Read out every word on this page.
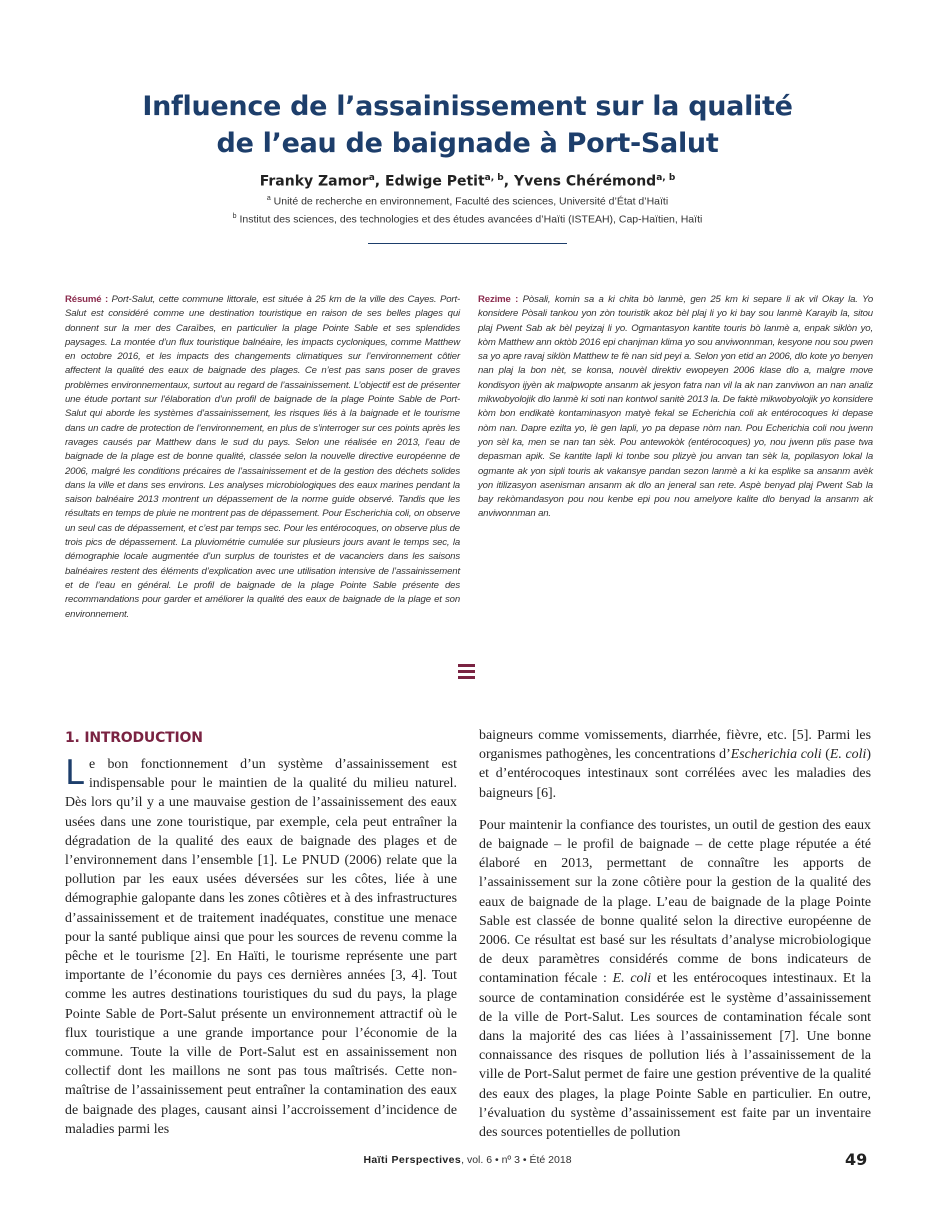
Influence de l’assainissement sur la qualité
de l’eau de baignade à Port-Salut
Franky Zamor$^a$, Edwige Petit$^{a, b}$, Yvens Chérémond$^{a, b}$
$^a$ Unité de recherche en environnement, Faculté des sciences, Université d’État d’Haïti
$^b$ Institut des sciences, des technologies et des études avancées d’Haïti (ISTEAH), Cap-Haïtien, Haïti

Résumé : Port-Salut, cette commune littorale, est située à 25 km de la ville des Cayes. Port-Salut est considéré comme une destination touristique en raison de ses belles plages qui donnent sur la mer des Caraïbes, en particulier la plage Pointe Sable et ses splendides paysages. La montée d’un flux touristique balnéaire, les impacts cycloniques, comme Matthew en octobre 2016, et les impacts des changements climatiques sur l’environnement côtier affectent la qualité des eaux de baignade des plages. Ce n’est pas sans poser de graves problèmes environnementaux, surtout au regard de l’assainissement. L’objectif est de présenter une étude portant sur l’élaboration d’un profil de baignade de la plage Pointe Sable de Port-Salut qui aborde les systèmes d’assainissement, les risques liés à la baignade et le tourisme dans un cadre de protection de l’environnement, en plus de s’interroger sur ces points après les ravages causés par Matthew dans le sud du pays. Selon une réalisée en 2013, l’eau de baignade de la plage est de bonne qualité, classée selon la nouvelle directive européenne de 2006, malgré les conditions précaires de l’assainissement et de la gestion des déchets solides dans la ville et dans ses environs. Les analyses microbiologiques des eaux marines pendant la saison balnéaire 2013 montrent un dépassement de la norme guide observé. Tandis que les résultats en temps de pluie ne montrent pas de dépassement. Pour Escherichia coli, on observe un seul cas de dépassement, et c’est par temps sec. Pour les entérocoques, on observe plus de trois pics de dépassement. La pluviométrie cumulée sur plusieurs jours avant le temps sec, la démographie locale augmentée d’un surplus de touristes et de vacanciers dans les saisons balnéaires restent des éléments d’explication avec une utilisation intensive de l’assainissement et de l’eau en général. Le profil de baignade de la plage Pointe Sable présente des recommandations pour garder et améliorer la qualité des eaux de baignade de la plage et son environnement.

Rezime : Pòsali, komin sa a ki chita bò lanmè, gen 25 km ki separe li ak vil Okay la. Yo konsidere Pòsali tankou yon zòn touristik akoz bèl plaj li yo ki bay sou lanmè Karayib la, sitou plaj Pwent Sab ak bèl peyizaj li yo. Ogmantasyon kantite touris bò lanmè a, enpak siklòn yo, kòm Matthew ann oktòb 2016 epi chanjman klima yo sou anviwonnman, kesyone nou sou pwen sa yo apre ravaj siklòn Matthew te fè nan sid peyi a. Selon yon etid an 2006, dlo kote yo benyen nan plaj la bon nèt, se konsa, nouvèl direktiv ewopeyen 2006 klase dlo a, malgre move kondisyon ijyèn ak malpwopte ansanm ak jesyon fatra nan vil la ak nan zanviwon an nan analiz mikwobyolojik dlo lanmè ki soti nan kontwol sanitè 2013 la. De faktè mikwobyolojik yo konsidere kòm bon endikatè kontaminasyon matyè fekal se Echerichia coli ak entérocoques ki depase nòm nan. Dapre ezilta yo, lè gen lapli, yo pa depase nòm nan. Pou Echerichia coli nou jwenn yon sèl ka, men se nan tan sèk. Pou antewokòk (entérocoques) yo, nou jwenn plis pase twa depasman apik. Se kantite lapli ki tonbe sou plizyè jou anvan tan sèk la, popilasyon lokal la ogmante ak yon sipli touris ak vakansye pandan sezon lanmè a ki ka esplike sa ansanm avèk yon itilizasyon asenisman ansanm ak dlo an jeneral san rete. Aspè benyad plaj Pwent Sab la bay rekòmandasyon pou nou kenbe epi pou nou amelyore kalite dlo benyad la ansanm ak anviwonnman an.

1. INTRODUCTION

Le bon fonctionnement d’un système d’assainissement est indispensable pour le maintien de la qualité du milieu naturel. Dès lors qu’il y a une mauvaise gestion de l’assainissement des eaux usées dans une zone touristique, par exemple, cela peut entraîner la dégradation de la qualité des eaux de baignade des plages et de l’environnement dans l’ensemble [1]. Le PNUD (2006) relate que la pollution par les eaux usées déversées sur les côtes, liée à une démographie galopante dans les zones côtières et à des infrastructures d’assainissement et de traitement inadéquates, constitue une menace pour la santé publique ainsi que pour les sources de revenu comme la pêche et le tourisme [2]. En Haïti, le tourisme représente une part importante de l’économie du pays ces dernières années [3, 4]. Tout comme les autres destinations touristiques du sud du pays, la plage Pointe Sable de Port-Salut présente un environnement attractif où le flux touristique a une grande importance pour l’économie de la commune. Toute la ville de Port-Salut est en assainissement non collectif dont les maillons ne sont pas tous maîtrisés. Cette non-maîtrise de l’assainissement peut entraîner la contamination des eaux de baignade des plages, causant ainsi l’accroissement d’incidence de maladies parmi les

baigneurs comme vomissements, diarrhée, fièvre, etc. [5]. Parmi les organismes pathogènes, les concentrations d’Escherichia coli (E. coli) et d’entérocoques intestinaux sont corrélées avec les maladies des baigneurs [6].

Pour maintenir la confiance des touristes, un outil de gestion des eaux de baignade – le profil de baignade – de cette plage réputée a été élaboré en 2013, permettant de connaître les apports de l’assainissement sur la zone côtière pour la gestion de la qualité des eaux de baignade de la plage. L’eau de baignade de la plage Pointe Sable est classée de bonne qualité selon la directive européenne de 2006. Ce résultat est basé sur les résultats d’analyse microbiologique de deux paramètres considérés comme de bons indicateurs de contamination fécale : E. coli et les entérocoques intestinaux. Et la source de contamination considérée est le système d’assainissement de la ville de Port-Salut. Les sources de contamination fécale sont dans la majorité des cas liées à l’assainissement [7]. Une bonne connaissance des risques de pollution liés à l’assainissement de la ville de Port-Salut permet de faire une gestion préventive de la qualité des eaux des plages, la plage Pointe Sable en particulier. En outre, l’évaluation du système d’assainissement est faite par un inventaire des sources potentielles de pollution

Haïti Perspectives, vol. 6 • nº 3 • Été 2018	49
